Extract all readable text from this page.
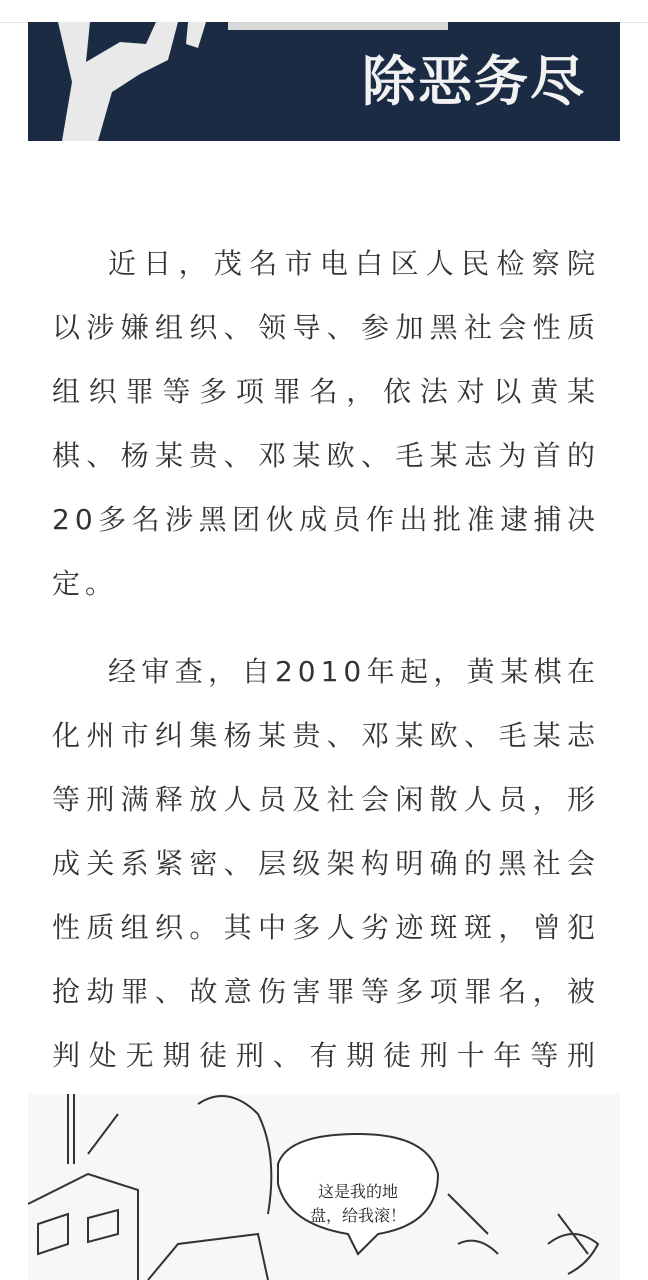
除恶务尽

近日，茂名市电白区人民检察院以涉嫌组织、领导、参加黑社会性质组织罪等多项罪名，依法对以黄某棋、杨某贵、邓某欧、毛某志为首的20多名涉黑团伙成员作出批准逮捕决定。

经审查，自2010年起，黄某棋在化州市纠集杨某贵、邓某欧、毛某志等刑满释放人员及社会闲散人员，形成关系紧密、层级架构明确的黑社会性质组织。其中多人劣迹斑斑，曾犯抢劫罪、故意伤害罪等多项罪名，被判处无期徒刑、有期徒刑十年等刑

这是我的地盘，给我滚！
